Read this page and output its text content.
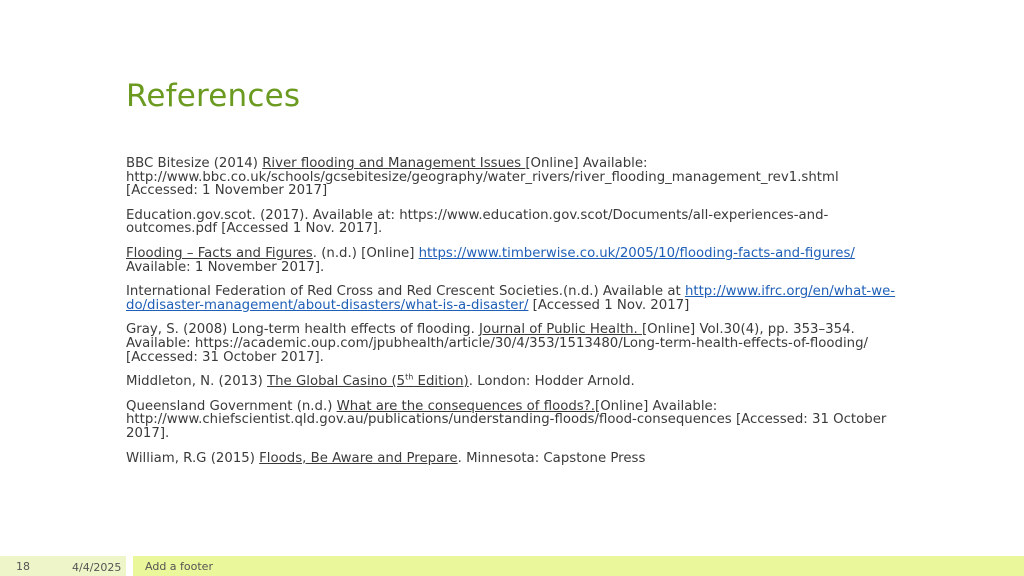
References

BBC Bitesize (2014) River flooding and Management Issues [Online] Available: http://www.bbc.co.uk/schools/gcsebitesize/geography/water_rivers/river_flooding_management_rev1.shtml [Accessed: 1 November 2017]

Education.gov.scot. (2017). Available at: https://www.education.gov.scot/Documents/all-experiences-and-outcomes.pdf [Accessed 1 Nov. 2017].

Flooding – Facts and Figures. (n.d.) [Online] https://www.timberwise.co.uk/2005/10/flooding-facts-and-figures/ Available: 1 November 2017].

International Federation of Red Cross and Red Crescent Societies.(n.d.) Available at http://www.ifrc.org/en/what-we-do/disaster-management/about-disasters/what-is-a-disaster/ [Accessed 1 Nov. 2017]

Gray, S. (2008) Long-term health effects of flooding. Journal of Public Health. [Online] Vol.30(4), pp. 353–354. Available: https://academic.oup.com/jpubhealth/article/30/4/353/1513480/Long-term-health-effects-of-flooding/ [Accessed: 31 October 2017].

Middleton, N. (2013) The Global Casino (5th Edition). London: Hodder Arnold.

Queensland Government (n.d.) What are the consequences of floods?.[Online] Available: http://www.chiefscientist.qld.gov.au/publications/understanding-floods/flood-consequences [Accessed: 31 October 2017].

William, R.G (2015) Floods, Be Aware and Prepare. Minnesota: Capstone Press

18	4/4/2025 Add a footer
